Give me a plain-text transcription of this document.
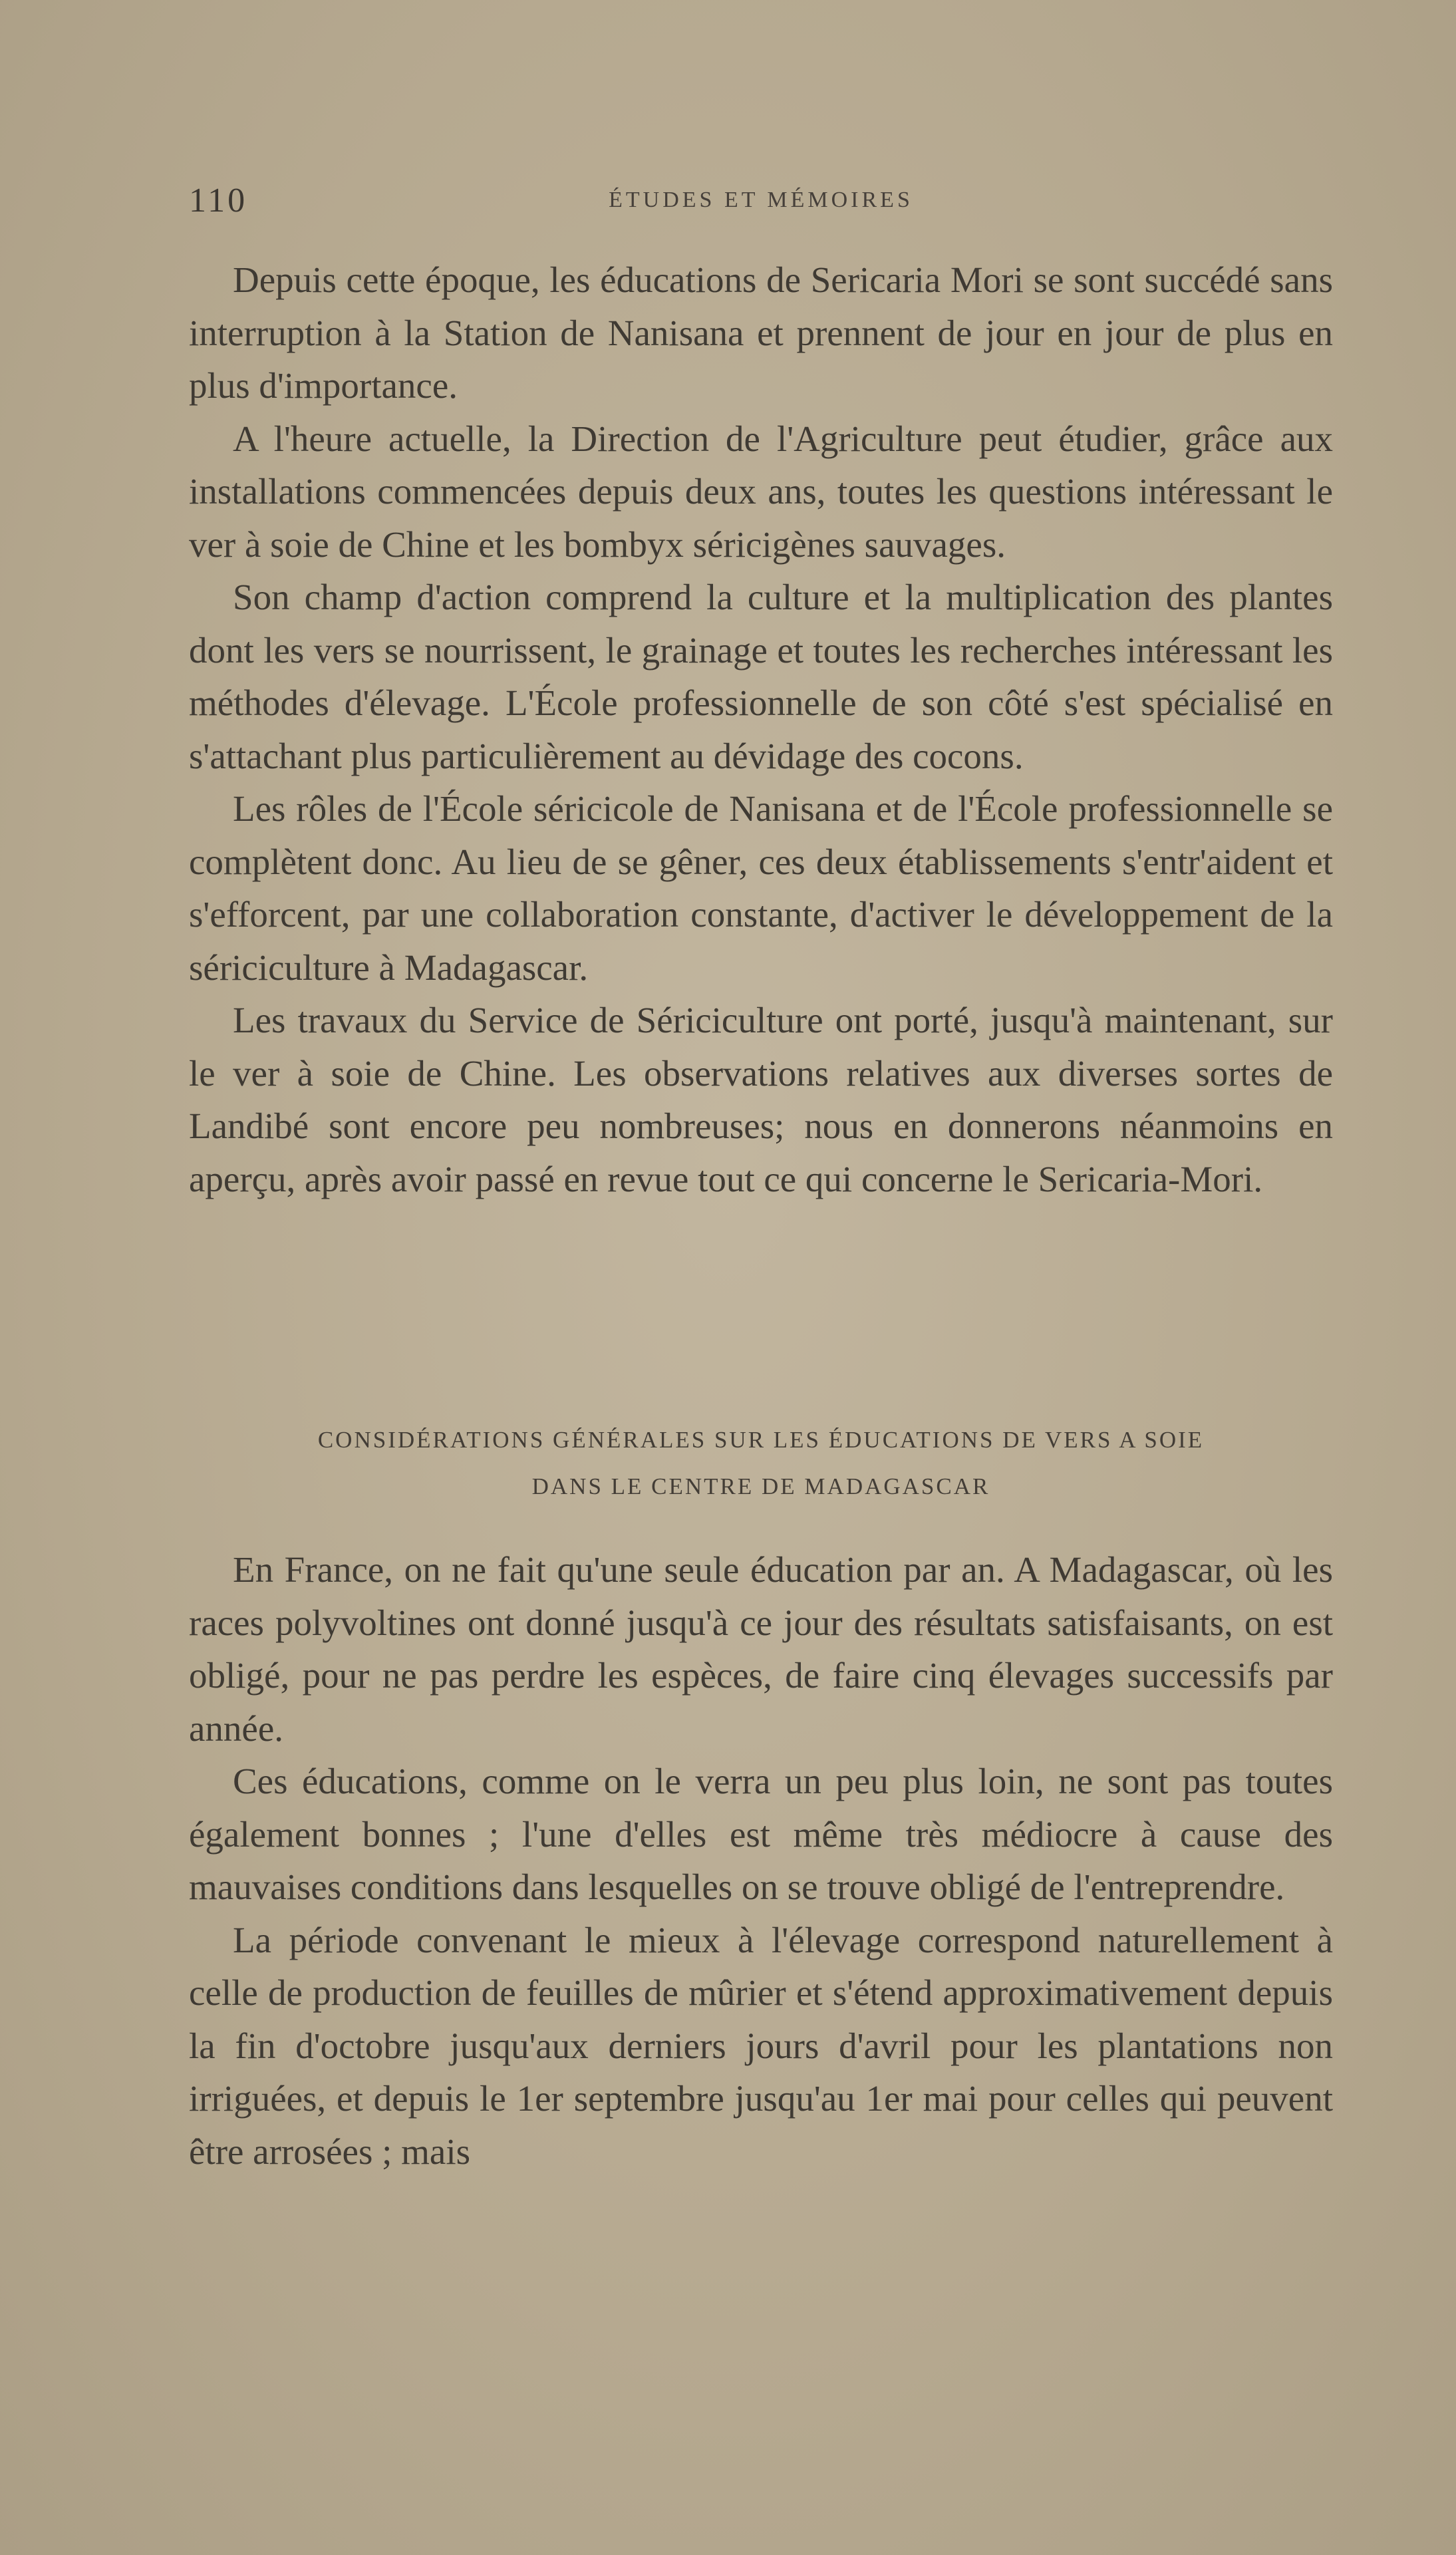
110	ÉTUDES ET MÉMOIRES

Depuis cette époque, les éducations de Sericaria Mori se sont succédé sans interruption à la Station de Nanisana et prennent de jour en jour de plus en plus d'importance.

A l'heure actuelle, la Direction de l'Agriculture peut étudier, grâce aux installations commencées depuis deux ans, toutes les questions intéressant le ver à soie de Chine et les bombyx séricigènes sauvages.

Son champ d'action comprend la culture et la multiplication des plantes dont les vers se nourrissent, le grainage et toutes les recherches intéressant les méthodes d'élevage. L'École professionnelle de son côté s'est spécialisé en s'attachant plus particulièrement au dévidage des cocons.

Les rôles de l'École séricicole de Nanisana et de l'École professionnelle se complètent donc. Au lieu de se gêner, ces deux établissements s'entr'aident et s'efforcent, par une collaboration constante, d'activer le développement de la sériciculture à Madagascar.

Les travaux du Service de Sériciculture ont porté, jusqu'à maintenant, sur le ver à soie de Chine. Les observations relatives aux diverses sortes de Landibé sont encore peu nombreuses; nous en donnerons néanmoins en aperçu, après avoir passé en revue tout ce qui concerne le Sericaria-Mori.

CONSIDÉRATIONS GÉNÉRALES SUR LES ÉDUCATIONS DE VERS A SOIE
DANS LE CENTRE DE MADAGASCAR

En France, on ne fait qu'une seule éducation par an. A Madagascar, où les races polyvoltines ont donné jusqu'à ce jour des résultats satisfaisants, on est obligé, pour ne pas perdre les espèces, de faire cinq élevages successifs par année.

Ces éducations, comme on le verra un peu plus loin, ne sont pas toutes également bonnes ; l'une d'elles est même très médiocre à cause des mauvaises conditions dans lesquelles on se trouve obligé de l'entreprendre.

La période convenant le mieux à l'élevage correspond naturellement à celle de production de feuilles de mûrier et s'étend approximativement depuis la fin d'octobre jusqu'aux derniers jours d'avril pour les plantations non irriguées, et depuis le 1er septembre jusqu'au 1er mai pour celles qui peuvent être arrosées ; mais
